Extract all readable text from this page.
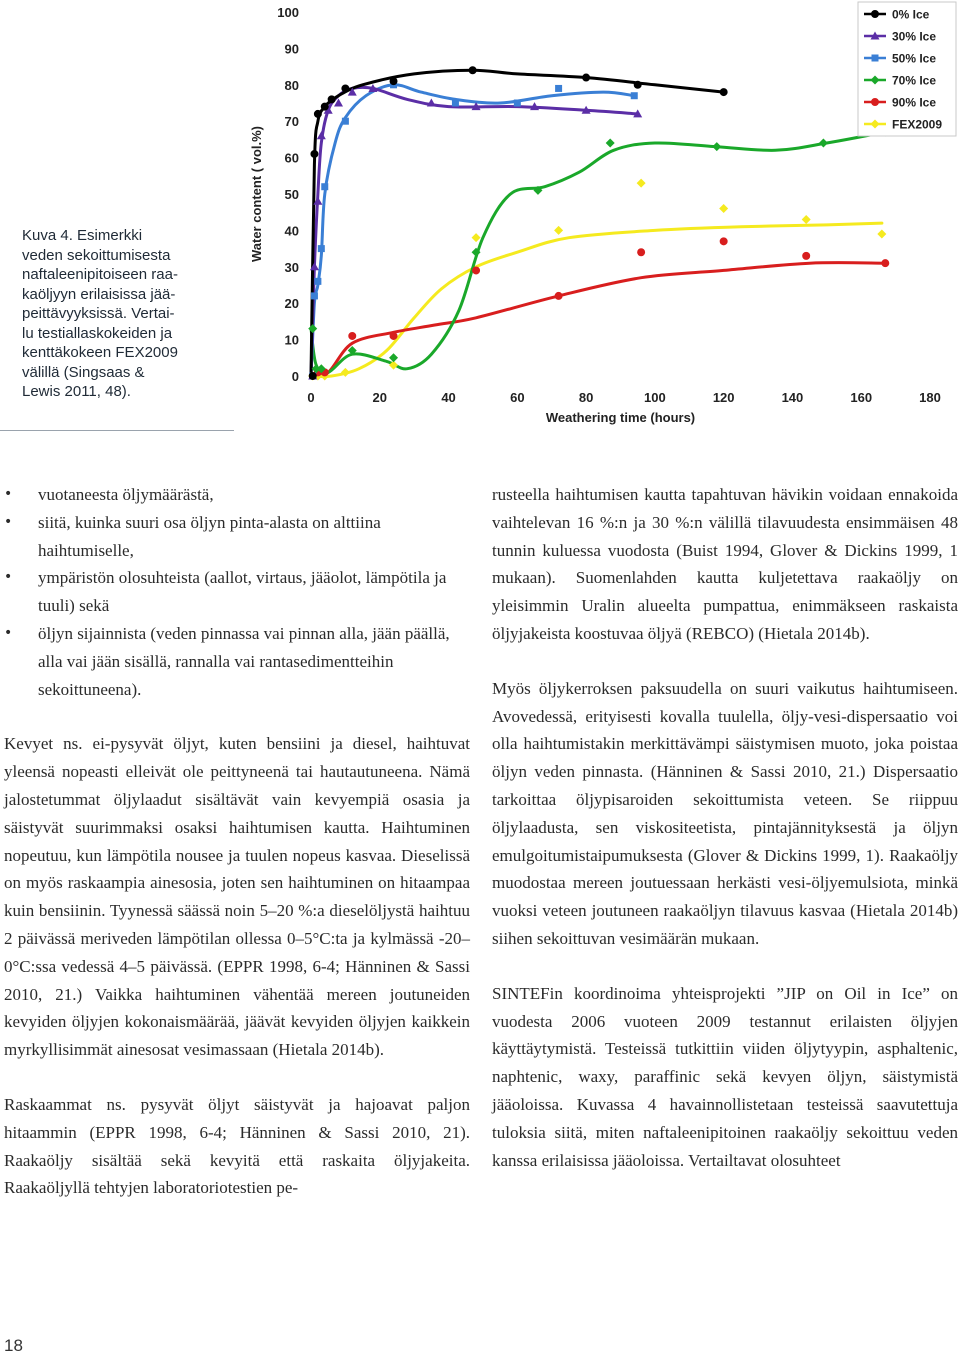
Kuva 4. Esimerkki
veden sekoittumisesta
naftaleenipitoiseen raa-
kaöljyyn erilaisissa jää-
peittävyyksissä. Vertai-
lu testiallaskokeiden ja
kenttäkokeen FEX2009
välillä (Singsaas &
Lewis 2011, 48).
0
10
20
30
40
50
60
70
80
90
100
0	20	40	60	80	100	120	140	160	180
Weathering time (hours)
Water content ( vol.%)
0% Ice
30% Ice
50% Ice
70% Ice
90% Ice
FEX2009
• vuotaneesta öljymäärästä,
• siitä, kuinka suuri osa öljyn pinta-alasta on alttiina haihtumiselle,
• ympäristön olosuhteista (aallot, virtaus, jääolot, lämpötila ja tuuli) sekä
• öljyn sijainnista (veden pinnassa vai pinnan alla, jään päällä, alla vai jään sisällä, rannalla vai rantasedimentteihin sekoittuneena).

Kevyet ns. ei-pysyvät öljyt, kuten bensiini ja diesel, haihtuvat yleensä nopeasti elleivät ole peittyneenä tai hautautuneena. Nämä jalostetummat öljylaadut sisältävät vain kevyempiä osasia ja säistyvät suurimmaksi osaksi haihtumisen kautta. Haihtuminen nopeutuu, kun lämpötila nousee ja tuulen nopeus kasvaa. Dieselissä on myös raskaampia ainesosia, joten sen haihtuminen on hitaampaa kuin bensiinin. Tyynessä säässä noin 5–20 %:a dieselöljystä haihtuu 2 päivässä meriveden lämpötilan ollessa 0–5°C:ta ja kylmässä -20–0°C:ssa vedessä 4–5 päivässä. (EPPR 1998, 6-4; Hänninen & Sassi 2010, 21.) Vaikka haihtuminen vähentää mereen joutuneiden kevyiden öljyjen kokonaismäärää, jäävät kevyiden öljyjen kaikkein myrkyllisimmät ainesosat vesimassaan (Hietala 2014b).

Raskaammat ns. pysyvät öljyt säistyvät ja hajoavat paljon hitaammin (EPPR 1998, 6-4; Hänninen & Sassi 2010, 21). Raakaöljy sisältää sekä kevyitä että raskaita öljyjakeita. Raakaöljyllä tehtyjen laboratoriotestien pe-

rusteella haihtumisen kautta tapahtuvan hävikin voidaan ennakoida vaihtelevan 16 %:n ja 30 %:n välillä tilavuudesta ensimmäisen 48 tunnin kuluessa vuodosta (Buist 1994, Glover & Dickins 1999, 1 mukaan). Suomenlahden kautta kuljetettava raakaöljy on yleisimmin Uralin alueelta pumpattua, enimmäkseen raskaista öljyjakeista koostuvaa öljyä (REBCO) (Hietala 2014b).

Myös öljykerroksen paksuudella on suuri vaikutus haihtumiseen. Avovedessä, erityisesti kovalla tuulella, öljy-vesi-dispersaatio voi olla haihtumistakin merkittävämpi säistymisen muoto, joka poistaa öljyn veden pinnasta. (Hänninen & Sassi 2010, 21.) Dispersaatio tarkoittaa öljypisaroiden sekoittumista veteen. Se riippuu öljylaadusta, sen viskositeetista, pintajännityksestä ja öljyn emulgoitumistaipumuksesta (Glover & Dickins 1999, 1). Raakaöljy muodostaa mereen joutuessaan herkästi vesi-öljyemulsiota, minkä vuoksi veteen joutuneen raakaöljyn tilavuus kasvaa (Hietala 2014b) siihen sekoittuvan vesimäärän mukaan.

SINTEFin koordinoima yhteisprojekti ”JIP on Oil in Ice” on vuodesta 2006 vuoteen 2009 testannut erilaisten öljyjen käyttäytymistä. Testeissä tutkittiin viiden öljytyypin, asphaltenic, naphtenic, waxy, paraffinic sekä kevyen öljyn, säistymistä jääoloissa. Kuvassa 4 havainnollistetaan testeissä saavutettuja tuloksia siitä, miten naftaleenipitoinen raakaöljy sekoittuu veden kanssa erilaisissa jääoloissa. Vertailtavat olosuhteet

18
